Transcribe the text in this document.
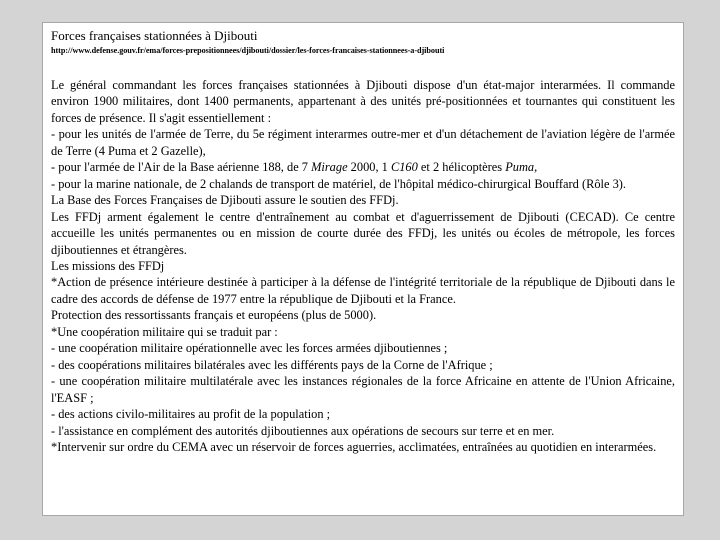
Forces françaises stationnées à Djibouti
http://www.defense.gouv.fr/ema/forces-prepositionnees/djibouti/dossier/les-forces-francaises-stationnees-a-djibouti

Le général commandant les forces françaises stationnées à Djibouti dispose d'un état-major interarmées. Il commande environ 1900 militaires, dont 1400 permanents, appartenant à des unités pré-positionnées et tournantes qui constituent les forces de présence. Il s'agit essentiellement :

- pour les unités de l'armée de Terre, du 5e régiment interarmes outre-mer et d'un détachement de l'aviation légère de l'armée de Terre (4 Puma et 2 Gazelle),

- pour l'armée de l'Air de la Base aérienne 188, de 7 Mirage 2000, 1 C160 et 2 hélicoptères Puma,

- pour la marine nationale, de 2 chalands de transport de matériel, de l'hôpital médico-chirurgical Bouffard (Rôle 3).

La Base des Forces Françaises de Djibouti assure le soutien des FFDj.

Les FFDj arment également le centre d'entraînement au combat et d'aguerrissement de Djibouti (CECAD). Ce centre accueille les unités permanentes ou en mission de courte durée des FFDj, les unités ou écoles de métropole, les forces djiboutiennes et étrangères.

Les missions des FFDj

*Action de présence intérieure destinée à participer à la défense de l'intégrité territoriale de la république de Djibouti dans le cadre des accords de défense de 1977 entre la république de Djibouti et la France.

Protection des ressortissants français et européens (plus de 5000).

*Une coopération militaire qui se traduit par :

- une coopération militaire opérationnelle avec les forces armées djiboutiennes ;

- des coopérations militaires bilatérales avec les différents pays de la Corne de l'Afrique ;

- une coopération militaire multilatérale avec les instances régionales de la force Africaine en attente de l'Union Africaine, l'EASF ;

- des actions civilo-militaires au profit de la population ;

- l'assistance en complément des autorités djiboutiennes aux opérations de secours sur terre et en mer.

*Intervenir sur ordre du CEMA avec un réservoir de forces aguerries, acclimatées, entraînées au quotidien en interarmées.
